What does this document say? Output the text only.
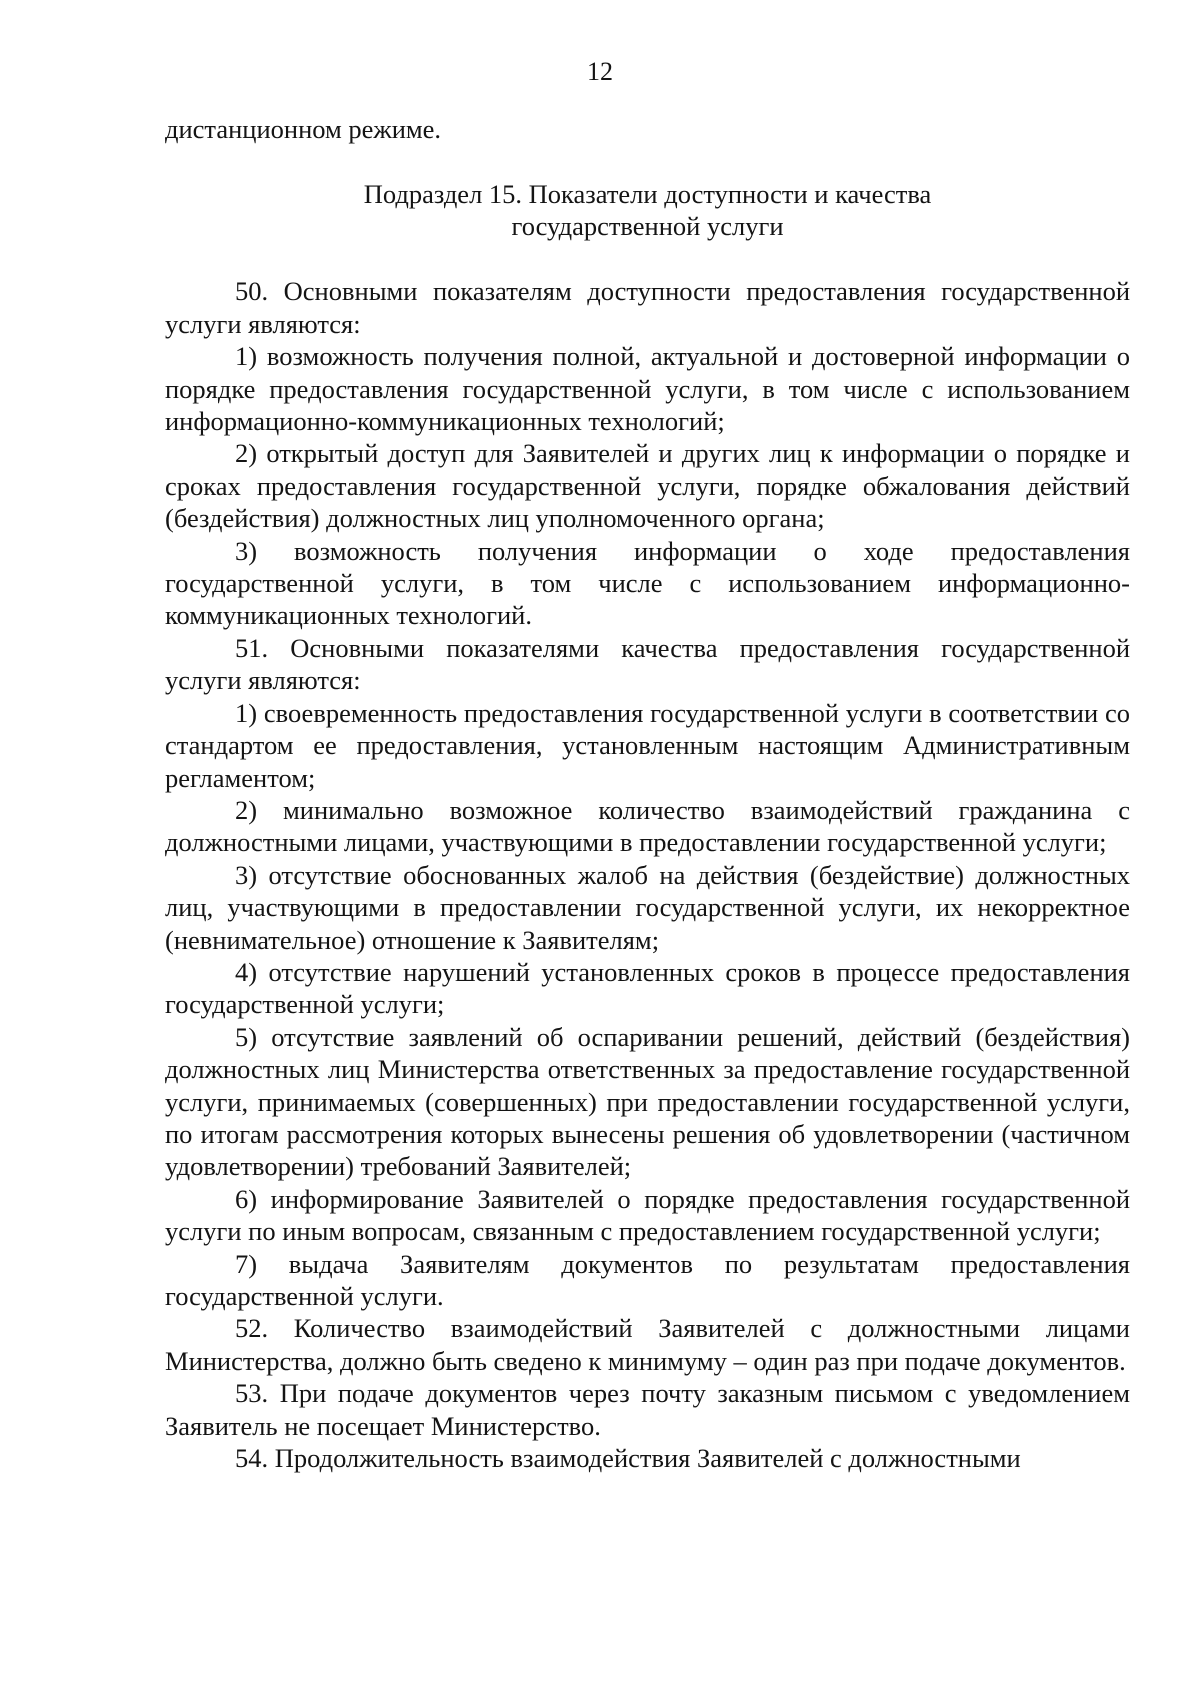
12

дистанционном режиме.

Подраздел 15. Показатели доступности и качества
государственной услуги

50. Основными показателям доступности предоставления государственной услуги являются:

1) возможность получения полной, актуальной и достоверной информации о порядке предоставления государственной услуги, в том числе с использованием информационно-коммуникационных технологий;

2) открытый доступ для Заявителей и других лиц к информации о порядке и сроках предоставления государственной услуги, порядке обжалования действий (бездействия) должностных лиц уполномоченного органа;

3) возможность получения информации о ходе предоставления государственной услуги, в том числе с использованием информационно-коммуникационных технологий.

51. Основными показателями качества предоставления государственной услуги являются:

1) своевременность предоставления государственной услуги в соответствии со стандартом ее предоставления, установленным настоящим Административным регламентом;

2) минимально возможное количество взаимодействий гражданина с должностными лицами, участвующими в предоставлении государственной услуги;

3) отсутствие обоснованных жалоб на действия (бездействие) должностных лиц, участвующими в предоставлении государственной услуги, их некорректное (невнимательное) отношение к Заявителям;

4) отсутствие нарушений установленных сроков в процессе предоставления государственной услуги;

5) отсутствие заявлений об оспаривании решений, действий (бездействия) должностных лиц Министерства ответственных за предоставление государственной услуги, принимаемых (совершенных) при предоставлении государственной услуги, по итогам рассмотрения которых вынесены решения об удовлетворении (частичном удовлетворении) требований Заявителей;

6) информирование Заявителей о порядке предоставления государственной услуги по иным вопросам, связанным с предоставлением государственной услуги;

7) выдача Заявителям документов по результатам предоставления государственной услуги.

52. Количество взаимодействий Заявителей с должностными лицами Министерства, должно быть сведено к минимуму – один раз при подаче документов.

53. При подаче документов через почту заказным письмом с уведомлением Заявитель не посещает Министерство.

54. Продолжительность взаимодействия Заявителей с должностными
